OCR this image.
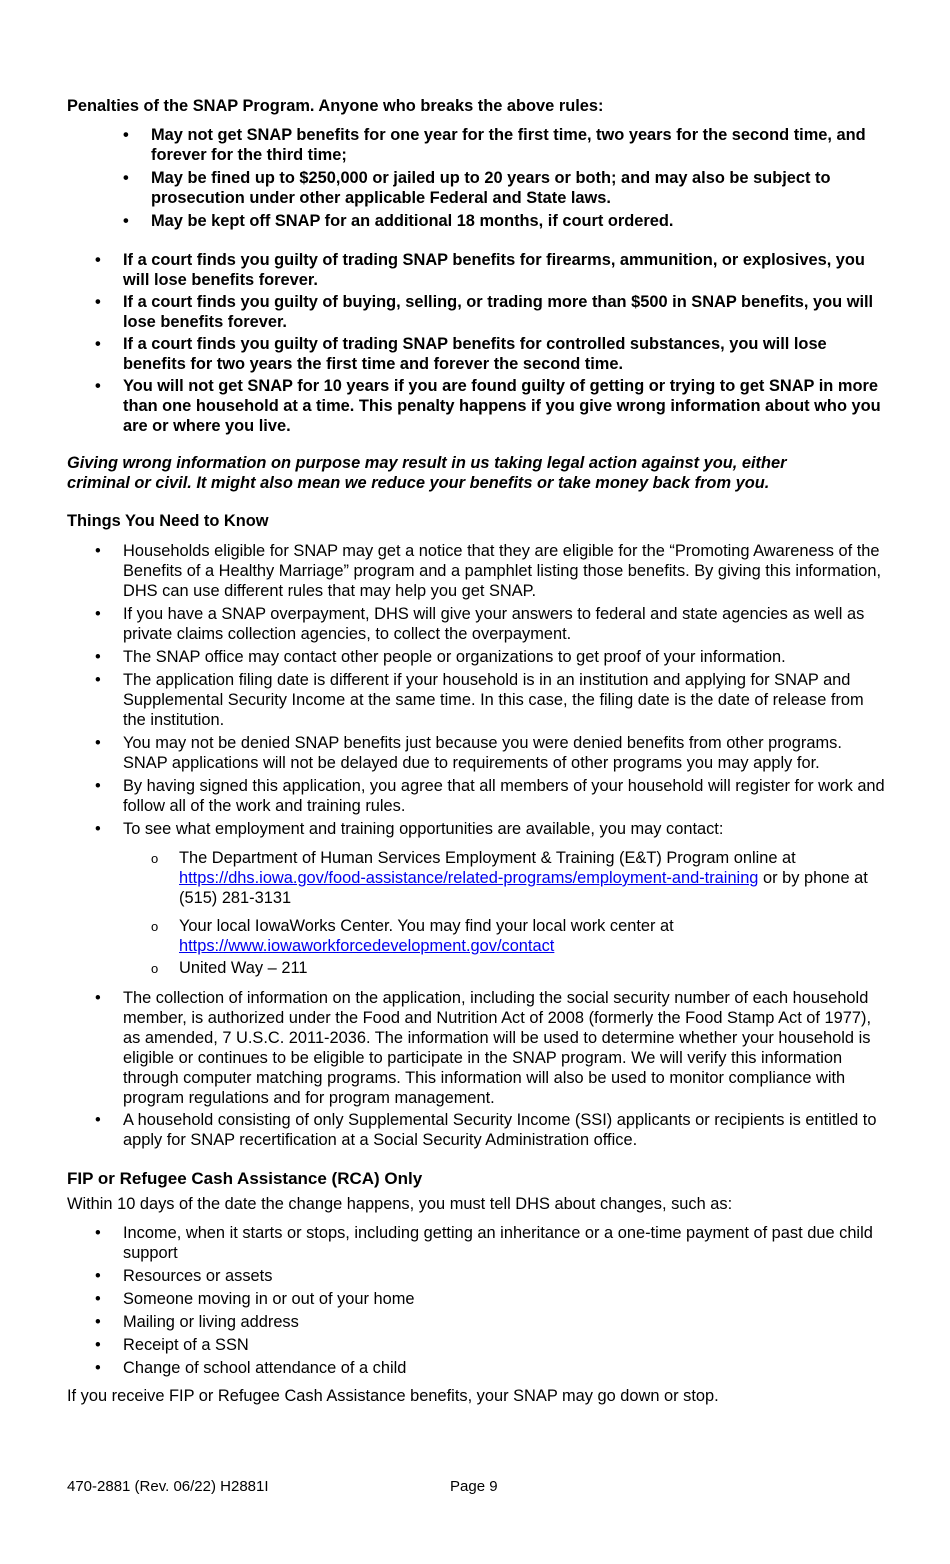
Penalties of the SNAP Program. Anyone who breaks the above rules:

• May not get SNAP benefits for one year for the first time, two years for the second time, and forever for the third time;
• May be fined up to $250,000 or jailed up to 20 years or both; and may also be subject to prosecution under other applicable Federal and State laws.
• May be kept off SNAP for an additional 18 months, if court ordered.
• If a court finds you guilty of trading SNAP benefits for firearms, ammunition, or explosives, you will lose benefits forever.
• If a court finds you guilty of buying, selling, or trading more than $500 in SNAP benefits, you will lose benefits forever.
• If a court finds you guilty of trading SNAP benefits for controlled substances, you will lose benefits for two years the first time and forever the second time.
• You will not get SNAP for 10 years if you are found guilty of getting or trying to get SNAP in more than one household at a time. This penalty happens if you give wrong information about who you are or where you live.

Giving wrong information on purpose may result in us taking legal action against you, either criminal or civil. It might also mean we reduce your benefits or take money back from you.

Things You Need to Know

• Households eligible for SNAP may get a notice that they are eligible for the “Promoting Awareness of the Benefits of a Healthy Marriage” program and a pamphlet listing those benefits. By giving this information, DHS can use different rules that may help you get SNAP.
• If you have a SNAP overpayment, DHS will give your answers to federal and state agencies as well as private claims collection agencies, to collect the overpayment.
• The SNAP office may contact other people or organizations to get proof of your information.
• The application filing date is different if your household is in an institution and applying for SNAP and Supplemental Security Income at the same time. In this case, the filing date is the date of release from the institution.
• You may not be denied SNAP benefits just because you were denied benefits from other programs. SNAP applications will not be delayed due to requirements of other programs you may apply for.
• By having signed this application, you agree that all members of your household will register for work and follow all of the work and training rules.
• To see what employment and training opportunities are available, you may contact:
o The Department of Human Services Employment & Training (E&T) Program online at https://dhs.iowa.gov/food-assistance/related-programs/employment-and-training or by phone at (515) 281-3131
o Your local IowaWorks Center. You may find your local work center at https://www.iowaworkforcedevelopment.gov/contact
o United Way – 211
• The collection of information on the application, including the social security number of each household member, is authorized under the Food and Nutrition Act of 2008 (formerly the Food Stamp Act of 1977), as amended, 7 U.S.C. 2011-2036. The information will be used to determine whether your household is eligible or continues to be eligible to participate in the SNAP program. We will verify this information through computer matching programs. This information will also be used to monitor compliance with program regulations and for program management.
• A household consisting of only Supplemental Security Income (SSI) applicants or recipients is entitled to apply for SNAP recertification at a Social Security Administration office.

FIP or Refugee Cash Assistance (RCA) Only

Within 10 days of the date the change happens, you must tell DHS about changes, such as:

• Income, when it starts or stops, including getting an inheritance or a one-time payment of past due child support
• Resources or assets
• Someone moving in or out of your home
• Mailing or living address
• Receipt of a SSN
• Change of school attendance of a child

If you receive FIP or Refugee Cash Assistance benefits, your SNAP may go down or stop.

470-2881 (Rev. 06/22) H2881I	Page 9
